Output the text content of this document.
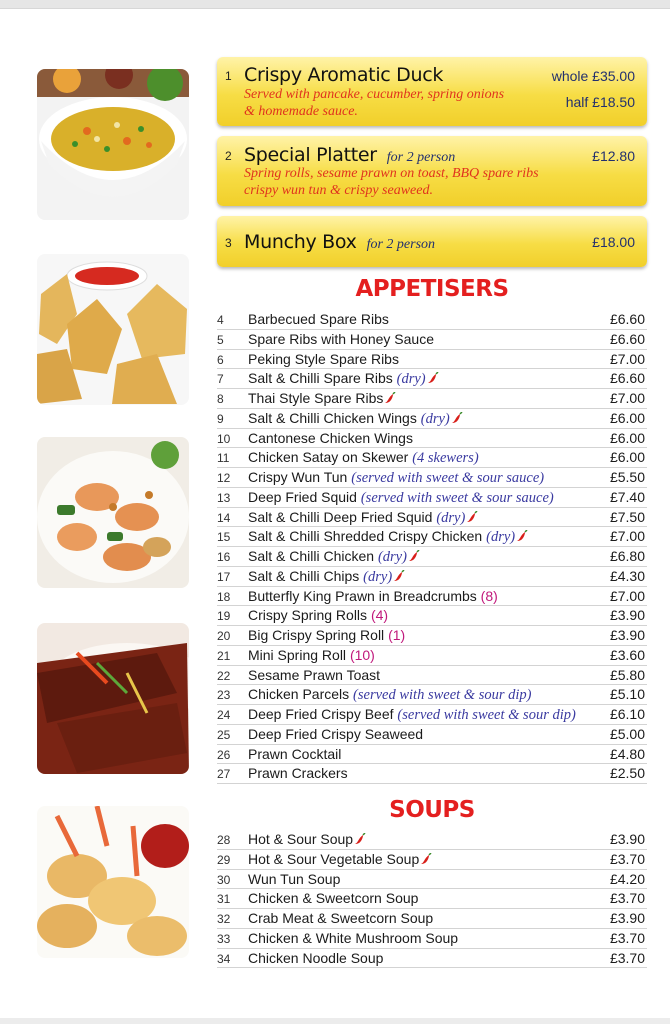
1 Crispy Aromatic Duck
Served with pancake, cucumber, spring onions
& homemade sauce.
whole £35.00
half £18.50
2 Special Platter for 2 person	£12.80
Spring rolls, sesame prawn on toast, BBQ spare ribs
crispy wun tun & crispy seaweed.
3 Munchy Box for 2 person	£18.00
APPETISERS
4 Barbecued Spare Ribs	£6.60
5 Spare Ribs with Honey Sauce	£6.60
6 Peking Style Spare Ribs	£7.00
7 Salt & Chilli Spare Ribs (dry)	£6.60
8 Thai Style Spare Ribs	£7.00
9 Salt & Chilli Chicken Wings (dry)	£6.00
10 Cantonese Chicken Wings	£6.00
11 Chicken Satay on Skewer (4 skewers)	£6.00
12 Crispy Wun Tun (served with sweet & sour sauce)	£5.50
13 Deep Fried Squid (served with sweet & sour sauce)	£7.40
14 Salt & Chilli Deep Fried Squid (dry)	£7.50
15 Salt & Chilli Shredded Crispy Chicken (dry)	£7.00
16 Salt & Chilli Chicken (dry)	£6.80
17 Salt & Chilli Chips (dry)	£4.30
18 Butterfly King Prawn in Breadcrumbs (8)	£7.00
19 Crispy Spring Rolls (4)	£3.90
20 Big Crispy Spring Roll (1)	£3.90
21 Mini Spring Roll (10)	£3.60
22 Sesame Prawn Toast	£5.80
23 Chicken Parcels (served with sweet & sour dip)	£5.10
24 Deep Fried Crispy Beef (served with sweet & sour dip) £6.10
25 Deep Fried Crispy Seaweed	£5.00
26 Prawn Cocktail	£4.80
27 Prawn Crackers	£2.50
SOUPS
28 Hot & Sour Soup	£3.90
29 Hot & Sour Vegetable Soup	£3.70
30 Wun Tun Soup	£4.20
31 Chicken & Sweetcorn Soup	£3.70
32 Crab Meat & Sweetcorn Soup	£3.90
33 Chicken & White Mushroom Soup	£3.70
34 Chicken Noodle Soup	£3.70
